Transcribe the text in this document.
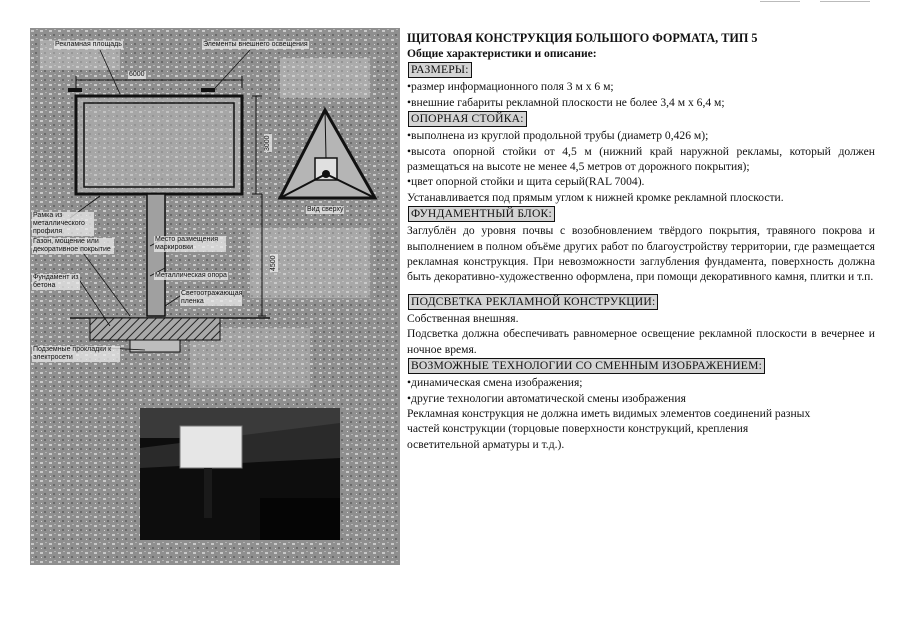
Рекламная площадь	Элементы внешнего освещения
6000
3000
4500
Вид сверху
Рамка из металлического профиля
Газон, мощение или декоративное покрытие
Фундамент из бетона
Место размещения маркировки
Металлическая опора
Светоотражающая пленка
Подземные прокладки к электросети
ЩИТОВАЯ КОНСТРУКЦИЯ БОЛЬШОГО ФОРМАТА, ТИП 5
Общие характеристики и описание:
РАЗМЕРЫ:
•размер информационного поля 3 м х 6 м;
•внешние габариты рекламной плоскости не более 3,4 м х 6,4 м;
ОПОРНАЯ СТОЙКА:
•выполнена из круглой продольной трубы (диаметр 0,426 м);
•высота опорной стойки от 4,5 м (нижний край наружной рекламы, который должен размещаться на высоте не менее 4,5 метров от дорожного покрытия);
•цвет опорной стойки и щита серый(RAL 7004).
Устанавливается под прямым углом к нижней кромке рекламной плоскости.
ФУНДАМЕНТНЫЙ БЛОК:
Заглублён до уровня почвы с возобновлением твёрдого покрытия, травяного покрова и выполнением в полном объёме других работ по благоустройству территории, где размещается рекламная конструкция. При невозможности заглубления фундамента, поверхность должна быть декоративно-художественно оформлена, при помощи декоративного камня, плитки и т.п.
ПОДСВЕТКА РЕКЛАМНОЙ КОНСТРУКЦИИ:
Собственная внешняя.
Подсветка должна обеспечивать равномерное освещение рекламной плоскости в вечернее и ночное время.
ВОЗМОЖНЫЕ ТЕХНОЛОГИИ СО СМЕННЫМ ИЗОБРАЖЕНИЕМ:
•динамическая смена изображения;
•другие технологии автоматической смены изображения
Рекламная конструкция не должна иметь видимых элементов соединений разных
частей конструкции (торцовые поверхности конструкций, крепления
осветительной арматуры и т.д.).
